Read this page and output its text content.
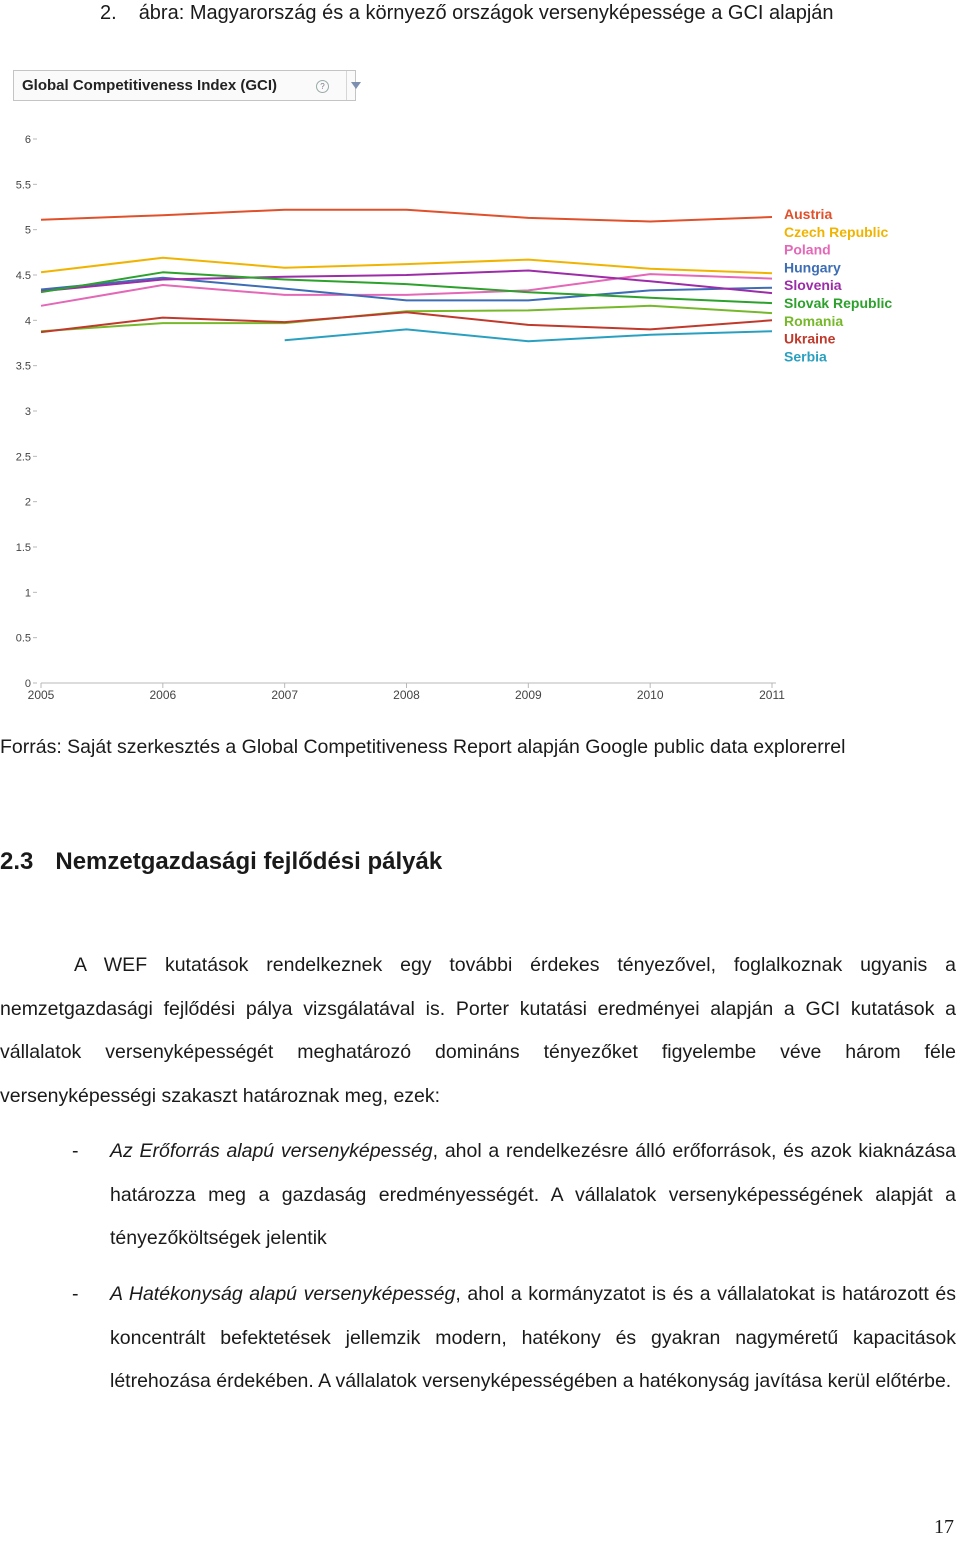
2. ábra: Magyarország és a környező országok versenyképessége a GCI alapján
Global Competitiveness Index (GCI)	?
0
0.5
1
1.5
2
2.5
3
3.5
4
4.5
5
5.5
6
2005	2006	2007	2008	2009	2010	2011
Austria
Czech Republic
Poland
Hungary
Slovenia
Slovak Republic
Romania
Ukraine
Serbia
Forrás: Saját szerkesztés a Global Competitiveness Report alapján Google public data explorerrel
2.3 Nemzetgazdasági fejlődési pályák

A WEF kutatások rendelkeznek egy további érdekes tényezővel, foglalkoznak ugyanis a nemzetgazdasági fejlődési pálya vizsgálatával is. Porter kutatási eredményei alapján a GCI kutatások a vállalatok versenyképességét meghatározó domináns tényezőket figyelembe véve három féle versenyképességi szakaszt határoznak meg, ezek:

- Az Erőforrás alapú versenyképesség, ahol a rendelkezésre álló erőforrások, és azok kiaknázása határozza meg a gazdaság eredményességét. A vállalatok versenyképességének alapját a tényezőköltségek jelentik
- A Hatékonyság alapú versenyképesség, ahol a kormányzatot is és a vállalatokat is határozott és koncentrált befektetések jellemzik modern, hatékony és gyakran nagyméretű kapacitások létrehozása érdekében. A vállalatok versenyképességében a hatékonyság javítása kerül előtérbe.
17
